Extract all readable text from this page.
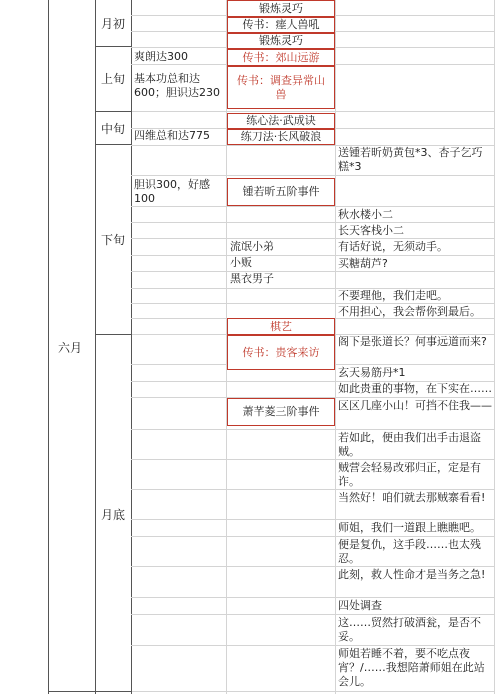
六月
月初
上旬
中旬
下旬
月底
爽朗达300
基本功总和达600；胆识达230
四维总和达775
胆识300，好感100
锻炼灵巧
传书：瘗人兽吼
锻炼灵巧
传书：郊山远游
传书：调查异常山兽
练心法·武成诀
练刀法·长风破浪
锺若昕五阶事件
棋艺
传书：贵客来访
萧芊菱三阶事件
流氓小弟
小贩
黑衣男子
送锺若昕奶黄包*3、杏子乞巧糕*3
秋水楼小二
长天客栈小二
有话好说，无须动手。
买糖葫芦?
不要理他，我们走吧。
不用担心，我会帮你到最后。
阁下是张道长？何事远道而来?
玄天易筋丹*1
如此贵重的事物，在下实在……
区区几座小山！可挡不住我——
若如此，便由我们出手击退盗贼。
贼营会轻易改邪归正，定是有诈。
当然好！咱们就去那贼寨看看!
师姐，我们一道跟上瞧瞧吧。
便是复仇，这手段……也太残忍。
此刻，救人性命才是当务之急!
四处调查
这……贸然打破酒瓮，是否不妥。
师姐若睡不着，要不吃点夜宵？/……我想陪萧师姐在此站会儿。
